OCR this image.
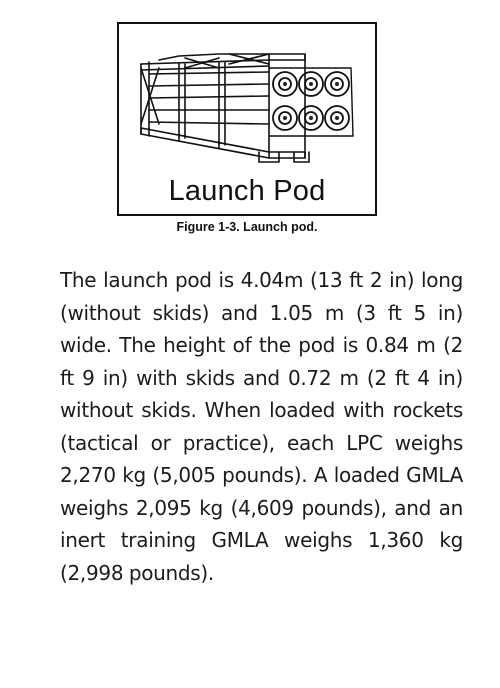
Launch Pod
Figure 1-3. Launch pod.

The launch pod is 4.04m (13 ft 2 in) long (without skids) and 1.05 m (3 ft 5 in) wide. The height of the pod is 0.84 m (2 ft 9 in) with skids and 0.72 m (2 ft 4 in) without skids. When loaded with rockets (tactical or practice), each LPC weighs 2,270 kg (5,005 pounds). A loaded GMLA weighs 2,095 kg (4,609 pounds), and an inert training GMLA weighs 1,360 kg (2,998 pounds).
